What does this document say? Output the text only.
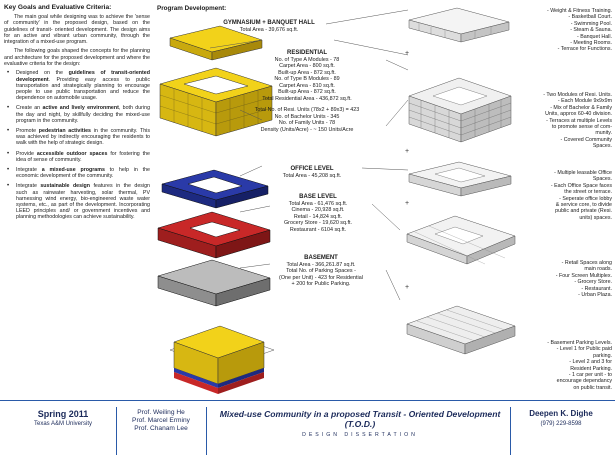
Key Goals and Evaluative Criteria:

The main goal while designing was to achieve the 'sense of community' in the proposed design, based on the guidelines of transit- oriented development. The design aims for an active and vibrant urban community, through the integration of a mixed-use program.

The following goals shaped the concepts for the planning and architecture for the proposed development and where the evaluative criteria for the design:

• Designed on the guidelines of transit-oriented development. Providing easy access to public transportation and strategically planning to encourage people to use public transportation and reduce the dependence on automobile usage.
• Create an active and lively environment, both during the day and night, by skillfully deciding the mixed-use program in the community.
• Promote pedestrian activities in the community. This was achieved by indirectly encouraging the residents to walk with the help of strategic design.
• Provide accessible outdoor spaces for fostering the idea of sense of community.
• Integrate a mixed-use programs to help in the economic development of the community.
• Integrate sustainable design features in the design such as rainwater harvesting, solar thermal, PV harnessing wind energy, bio-engineered waste water systems, etc., as part of the development. Incorporating LEED principles and/ or government incentives and planning methodologies can achieve sustainability.
Program Development:
GYMNASIUM + BANQUET HALL
Total Area - 39,676 sq.ft.
RESIDENTIAL
No. of Type A Modules - 78
Carpet Area - 800 sq.ft.
Built-up Area - 872 sq.ft.
No. of Type B Modules - 89
Carpet Area - 810 sq.ft.
Built-up Area - 872 sq.ft.
Total Residential Area - 436,872 sq.ft.
Total No. of Resi. Units (78x2 + 89x3) = 423
No. of Bachelor Units - 345
No. of Family Units - 78
Density (Units/Acre) - ~ 150 Units/Acre
OFFICE LEVEL
Total Area - 45,208 sq.ft.
BASE LEVEL
Total Area - 61,476 sq.ft.
Cinema - 20,928 sq.ft.
Retail - 14,824 sq.ft.
Grocery Store - 19,620 sq.ft.
Restaurant - 6104 sq.ft.
BASEMENT
Total Area - 366,261.87 sq.ft.
Total No. of Parking Spaces -
(One per Unit) - 423 for Residential
+ 200 for Public Parking.
+
+
+
+
- Weight & Fitness Training.
- Basketball Court.
- Swimming Pool.
- Steam & Sauna.
- Banquet Hall.
- Meeting Rooms.
- Terrace for Functions.
- Two Modules of Resi. Units.
- Each Module 9x9x9m
- Mix of Bachelor & Family
Units, approx 60-40 division.
- Terraces at multiple Levels
to promote sense of com-
munity.
- Covered Community
Spaces.
- Multiple leasable Office
Spaces.
- Each Office Space faces
the street or terrace.
- Seperate office lobby
& service core, to divide
public and private (Resi.
units) spaces.
- Retail Spaces along
main roads.
- Four Screen Multiplex.
- Grocery Store.
- Restaurant.
- Urban Plaza.
- Basement Parking Levels.
- Level 1 for Public paid
parking.
- Level 2 and 3 for
Resident Parking.
- 1 car per unit - to
encourage dependancy
on public transit.
Spring 2011
Texas A&M University
Prof. Weiling He
Prof. Marcel Erminy
Prof. Chanam Lee
Mixed-use Community in a proposed Transit - Oriented Development (T.O.D.)
DESIGN DISSERTATION
Deepen K. Dighe
(979) 229-8598
